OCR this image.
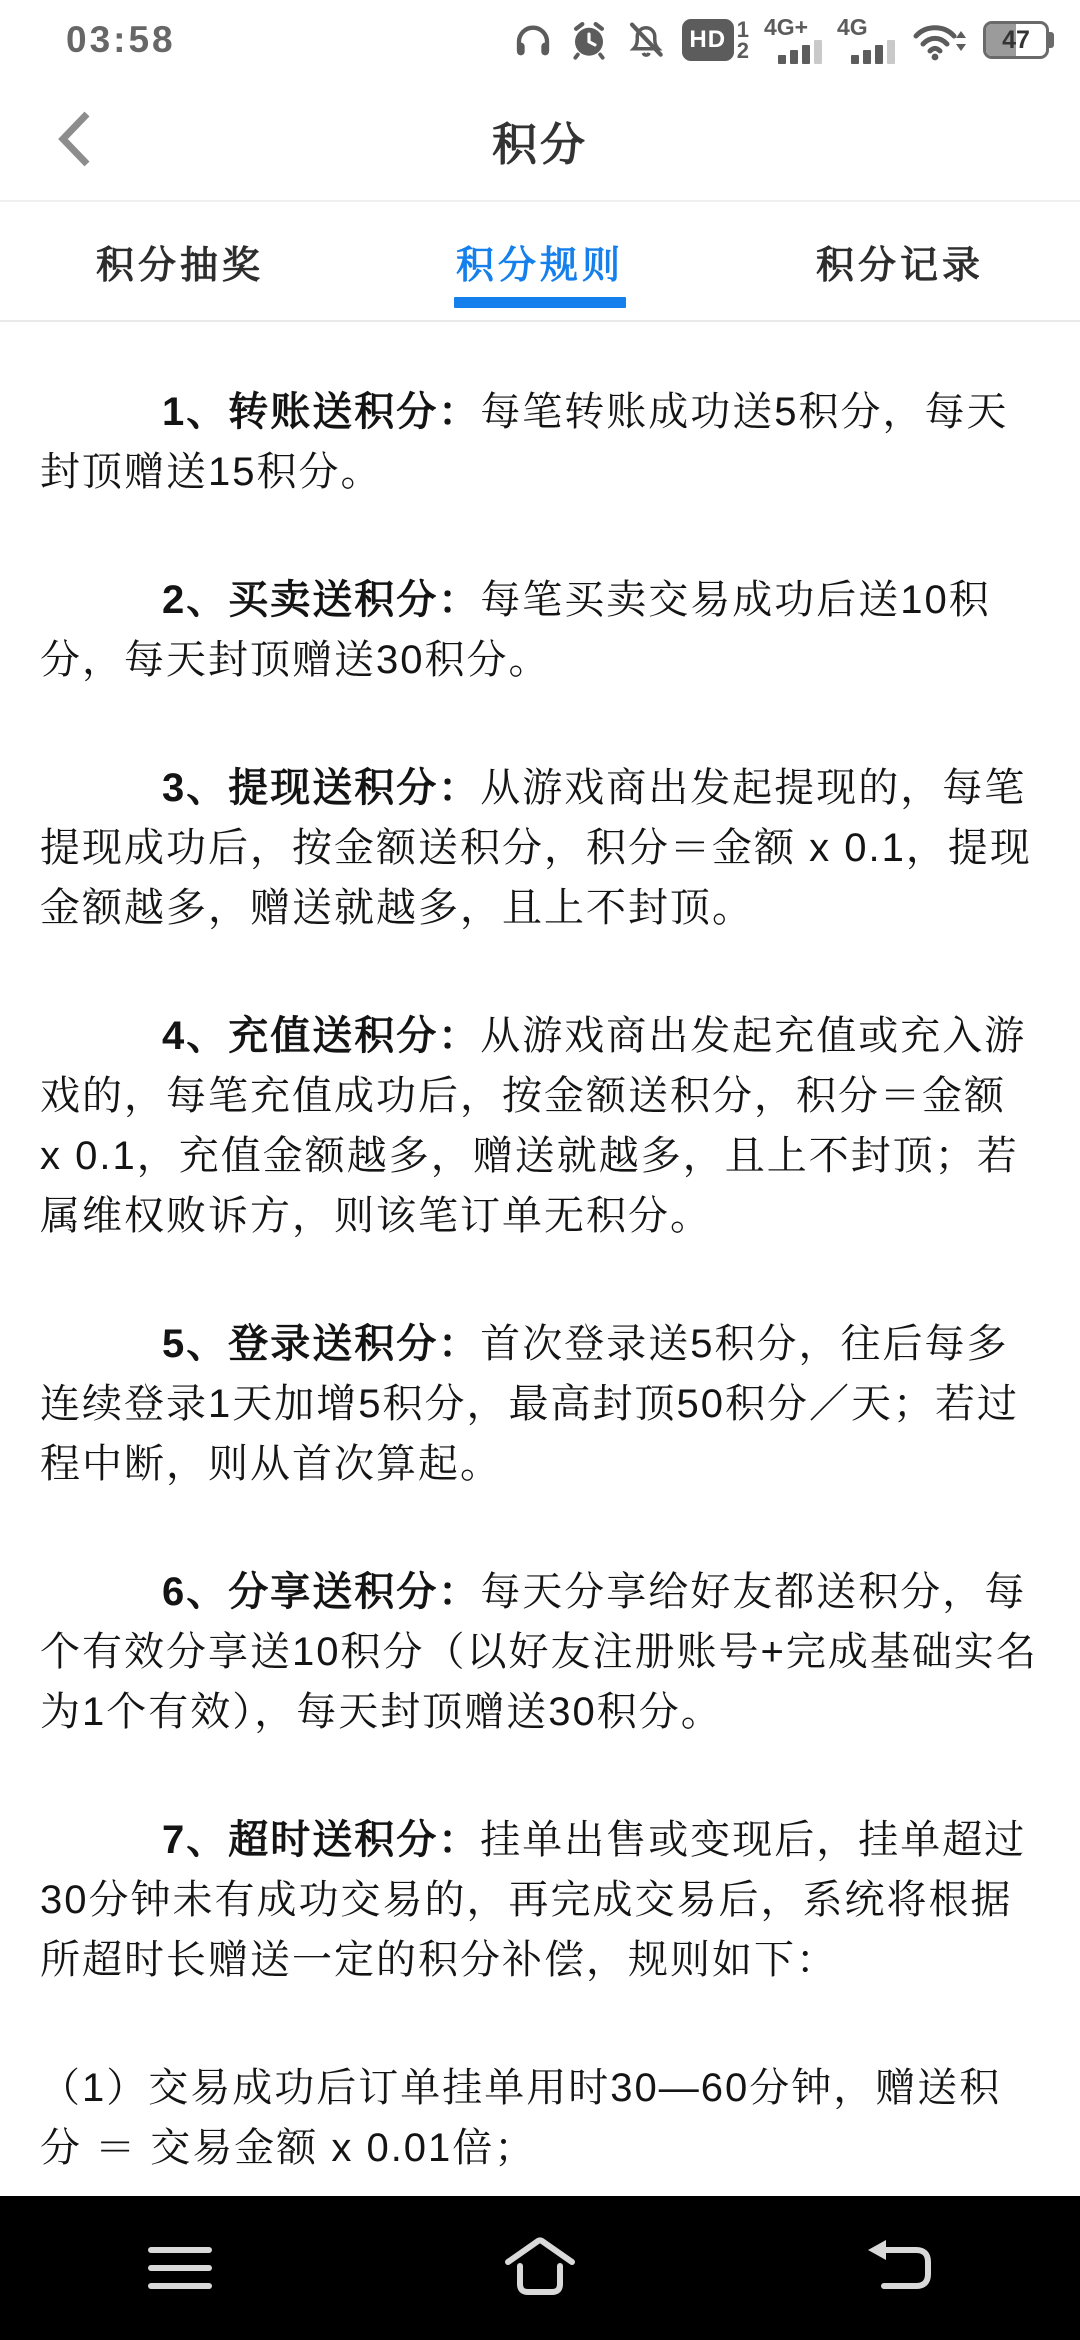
03:58	HD 1
2
4G+ 4G	47
积分
积分抽奖	积分规则	积分记录

1、转账送积分：每笔转账成功送5积分，每天封顶赠送15积分。

2、买卖送积分：每笔买卖交易成功后送10积分，每天封顶赠送30积分。

3、提现送积分：从游戏商出发起提现的，每笔提现成功后，按金额送积分，积分＝金额 x 0.1，提现金额越多，赠送就越多，且上不封顶。

4、充值送积分：从游戏商出发起充值或充入游戏的，每笔充值成功后，按金额送积分，积分＝金额 x 0.1，充值金额越多，赠送就越多，且上不封顶；若属维权败诉方，则该笔订单无积分。

5、登录送积分：首次登录送5积分，往后每多连续登录1天加增5积分，最高封顶50积分／天；若过程中断，则从首次算起。

6、分享送积分：每天分享给好友都送积分，每个有效分享送10积分（以好友注册账号+完成基础实名为1个有效），每天封顶赠送30积分。

7、超时送积分：挂单出售或变现后，挂单超过30分钟未有成功交易的，再完成交易后，系统将根据所超时长赠送一定的积分补偿，规则如下：

（1）交易成功后订单挂单用时30—60分钟，赠送积分 ＝ 交易金额 x 0.01倍；
